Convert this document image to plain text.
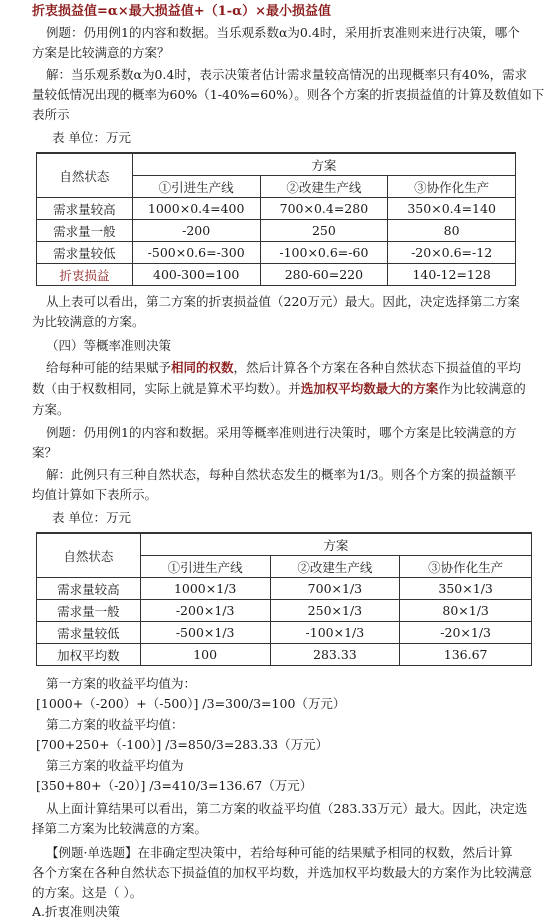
折衷损益值=α×最大损益值+（1-α）×最小损益值
例题：仍用例1的内容和数据。当乐观系数α为0.4时，采用折衷准则来进行决策，哪个
方案是比较满意的方案？
解：当乐观系数α为0.4时，表示决策者估计需求量较高情况的出现概率只有40%，需求
量较低情况出现的概率为60%（1-40%=60%）。则各个方案的折衷损益值的计算及数值如下
表所示
表 单位：万元
自然状态	方案		
	①引进生产线	②改建生产线	③协作化生产
需求量较高	1000×0.4=400	700×0.4=280	350×0.4=140
需求量一般	-200	250	80
需求量较低	-500×0.6=-300	-100×0.6=-60	-20×0.6=-12
折衷损益	400-300=100	280-60=220	140-12=128
从上表可以看出，第二方案的折衷损益值（220万元）最大。因此，决定选择第二方案
为比较满意的方案。
（四）等概率准则决策
给每种可能的结果赋予相同的权数，然后计算各个方案在各种自然状态下损益值的平均
数（由于权数相同，实际上就是算术平均数）。并选加权平均数最大的方案作为比较满意的
方案。
例题：仍用例1的内容和数据。采用等概率准则进行决策时，哪个方案是比较满意的方
案？
解：此例只有三种自然状态，每种自然状态发生的概率为1/3。则各个方案的损益额平
均值计算如下表所示。
表 单位：万元
自然状态	方案		
	①引进生产线	②改建生产线	③协作化生产
需求量较高	1000×1/3	700×1/3	350×1/3
需求量一般	-200×1/3	250×1/3	80×1/3
需求量较低	-500×1/3	-100×1/3	-20×1/3
加权平均数	100	283.33	136.67
第一方案的收益平均值为：
[1000+（-200）+（-500）] /3=300/3=100（万元）
第二方案的收益平均值：
[700+250+（-100）] /3=850/3=283.33（万元）
第三方案的收益平均值为
[350+80+（-20）] /3=410/3=136.67（万元）
从上面计算结果可以看出，第二方案的收益平均值（283.33万元）最大。因此，决定选
择第二方案为比较满意的方案。
【例题·单选题】在非确定型决策中，若给每种可能的结果赋予相同的权数，然后计算
各个方案在各种自然状态下损益值的加权平均数，并选加权平均数最大的方案作为比较满意
的方案。这是（ ）。
A.折衷准则决策
